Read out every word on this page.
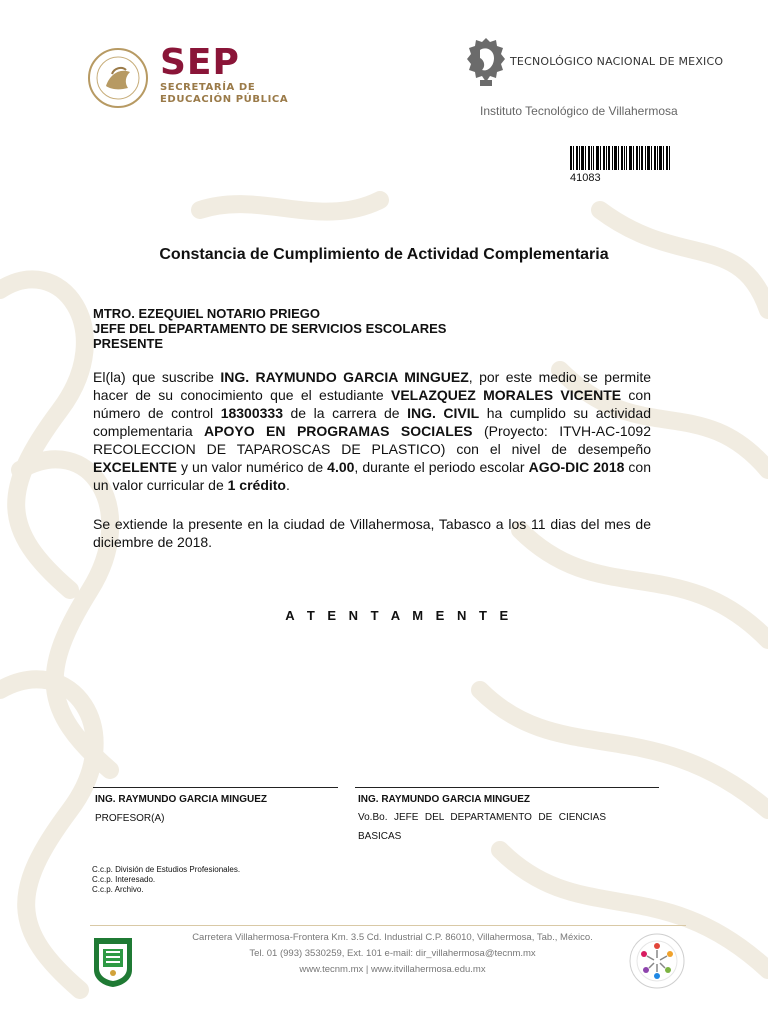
SEP
SECRETARÍA DE
EDUCACIÓN PÚBLICA
TECNOLÓGICO NACIONAL DE MEXICO
Instituto Tecnológico de Villahermosa
41083
Constancia de Cumplimiento de Actividad Complementaria
MTRO. EZEQUIEL NOTARIO PRIEGO
JEFE DEL DEPARTAMENTO DE SERVICIOS ESCOLARES
PRESENTE

El(la) que suscribe ING. RAYMUNDO GARCIA MINGUEZ, por este medio se permite hacer de su conocimiento que el estudiante VELAZQUEZ MORALES VICENTE con número de control 18300333 de la carrera de ING. CIVIL ha cumplido su actividad complementaria APOYO EN PROGRAMAS SOCIALES (Proyecto: ITVH-AC-1092 RECOLECCION DE TAPAROSCAS DE PLASTICO) con el nivel de desempeño EXCELENTE y un valor numérico de 4.00, durante el periodo escolar AGO-DIC 2018 con un valor curricular de 1 crédito.

Se extiende la presente en la ciudad de Villahermosa, Tabasco a los 11 dias del mes de diciembre de 2018.

A T E N T A M E N T E
ING. RAYMUNDO GARCIA MINGUEZ	ING. RAYMUNDO GARCIA MINGUEZ
PROFESOR(A)	Vo.Bo. JEFE DEL DEPARTAMENTO DE CIENCIAS BASICAS
C.c.p. División de Estudios Profesionales.
C.c.p. Interesado.
C.c.p. Archivo.
Carretera Villahermosa-Frontera Km. 3.5 Cd. Industrial C.P. 86010, Villahermosa, Tab., México.
Tel. 01 (993) 3530259, Ext. 101 e-mail: dir_villahermosa@tecnm.mx
www.tecnm.mx | www.itvillahermosa.edu.mx
